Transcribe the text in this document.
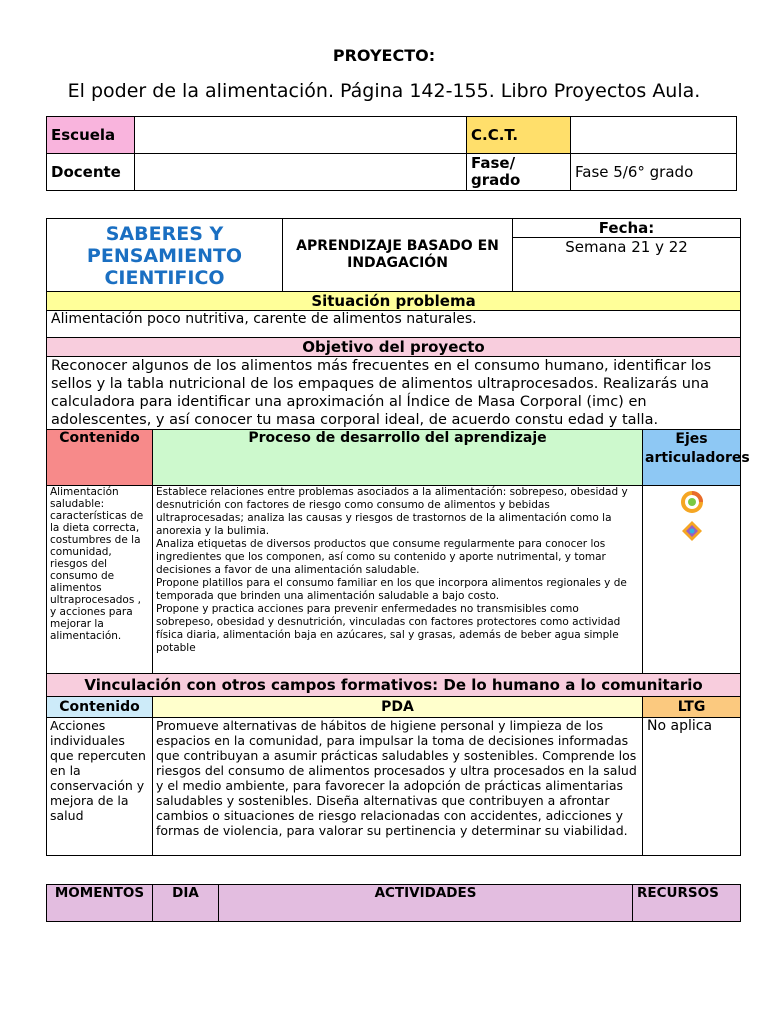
PROYECTO:
El poder de la alimentación. Página 142-155. Libro Proyectos Aula.
Escuela		C.C.T.	
Docente		Fase/ grado	Fase 5/6° grado
SABERES Y PENSAMIENTO CIENTIFICO		APRENDIZAJE BASADO EN INDAGACIÓN	Fecha:	
			Semana 21 y 22	
Situación problema				
Alimentación poco nutritiva, carente de alimentos naturales.				
Objetivo del proyecto				
Reconocer algunos de los alimentos más frecuentes en el consumo humano, identificar los sellos y la tabla nutricional de los empaques de alimentos ultraprocesados. Realizarás una calculadora para identificar una aproximación al Índice de Masa Corporal (imc) en adolescentes, y así conocer tu masa corporal ideal, de acuerdo constu edad y talla.				
Contenido	Proceso de desarrollo del aprendizaje			Ejes articuladores
Alimentación saludable: características de la dieta correcta, costumbres de la comunidad, riesgos del consumo de alimentos ultraprocesados , y acciones para mejorar la alimentación.	Establece relaciones entre problemas asociados a la alimentación: sobrepeso, obesidad y desnutrición con factores de riesgo como consumo de alimentos y bebidas ultraprocesadas; analiza las causas y riesgos de trastornos de la alimentación como la anorexia y la bulimia.
Analiza etiquetas de diversos productos que consume regularmente para conocer los ingredientes que los componen, así como su contenido y aporte nutrimental, y tomar decisiones a favor de una alimentación saludable.
Propone platillos para el consumo familiar en los que incorpora alimentos regionales y de temporada que brinden una alimentación saludable a bajo costo.
Propone y practica acciones para prevenir enfermedades no transmisibles como sobrepeso, obesidad y desnutrición, vinculadas con factores protectores como actividad física diaria, alimentación baja en azúcares, sal y grasas, además de beber agua simple potable	

Vinculación con otros campos formativos: De lo humano a lo comunitario				
Contenido	PDA			LTG
Acciones individuales que repercuten en la conservación y mejora de la salud	Promueve alternativas de hábitos de higiene personal y limpieza de los espacios en la comunidad, para impulsar la toma de decisiones informadas que contribuyan a asumir prácticas saludables y sostenibles. Comprende los riesgos del consumo de alimentos procesados y ultra procesados en la salud y el medio ambiente, para favorecer la adopción de prácticas alimentarias saludables y sostenibles. Diseña alternativas que contribuyen a afrontar cambios o situaciones de riesgo relacionadas con accidentes, adicciones y formas de violencia, para valorar su pertinencia y determinar su viabilidad.			No aplica
MOMENTOS	DIA	ACTIVIDADES	RECURSOS
